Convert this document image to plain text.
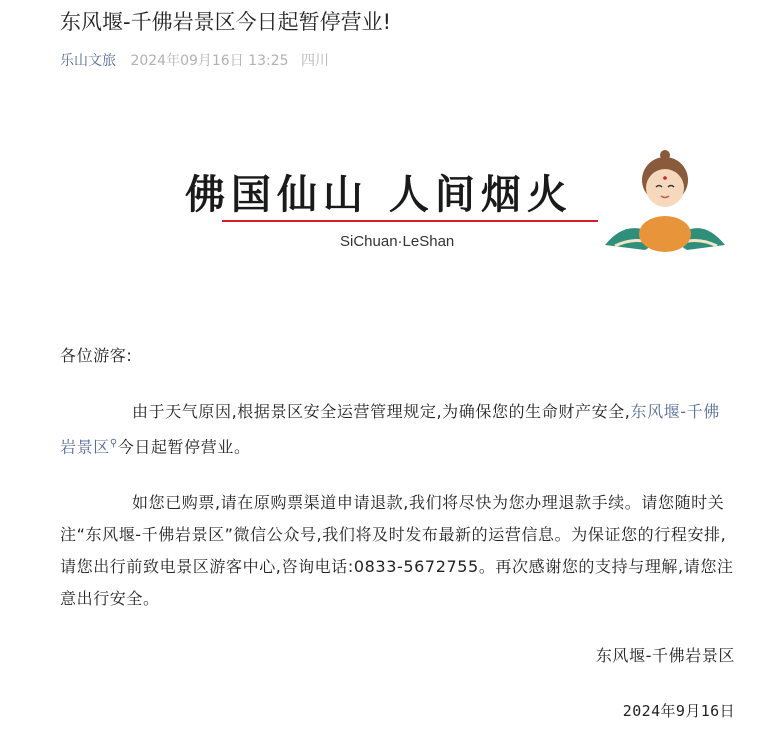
东风堰-千佛岩景区今日起暂停营业!
乐山文旅 2024年09月16日 13:25 四川
佛国仙山 人间烟火
SiChuan·LeShan
各位游客:
由于天气原因,根据景区安全运营管理规定,为确保您的生命财产安全,东风堰-千佛岩景区⚲今日起暂停营业。
如您已购票,请在原购票渠道申请退款,我们将尽快为您办理退款手续。请您随时关注“东风堰-千佛岩景区”微信公众号,我们将及时发布最新的运营信息。为保证您的行程安排,请您出行前致电景区游客中心,咨询电话:0833-5672755。再次感谢您的支持与理解,请您注意出行安全。
东风堰-千佛岩景区
2024年9月16日
